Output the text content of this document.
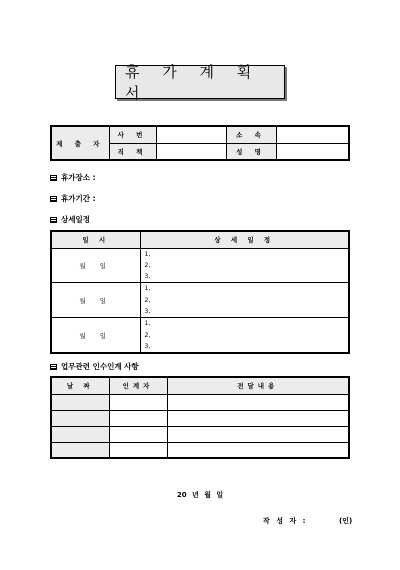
휴 가 계 획 서
제 출 자	사 번		소 속	
	직 책		성 명	
휴가장소 :
휴가기간 :
상세일정
일 시	상 세 일 정
월 일	1,
2,
3,

월 일	1,
2,
3,

월 일	1,
2,
3,
업무관련 인수인계 사항
날 짜	인계자	전달내용

20 년 월 일
작 성 자 :	(인)
